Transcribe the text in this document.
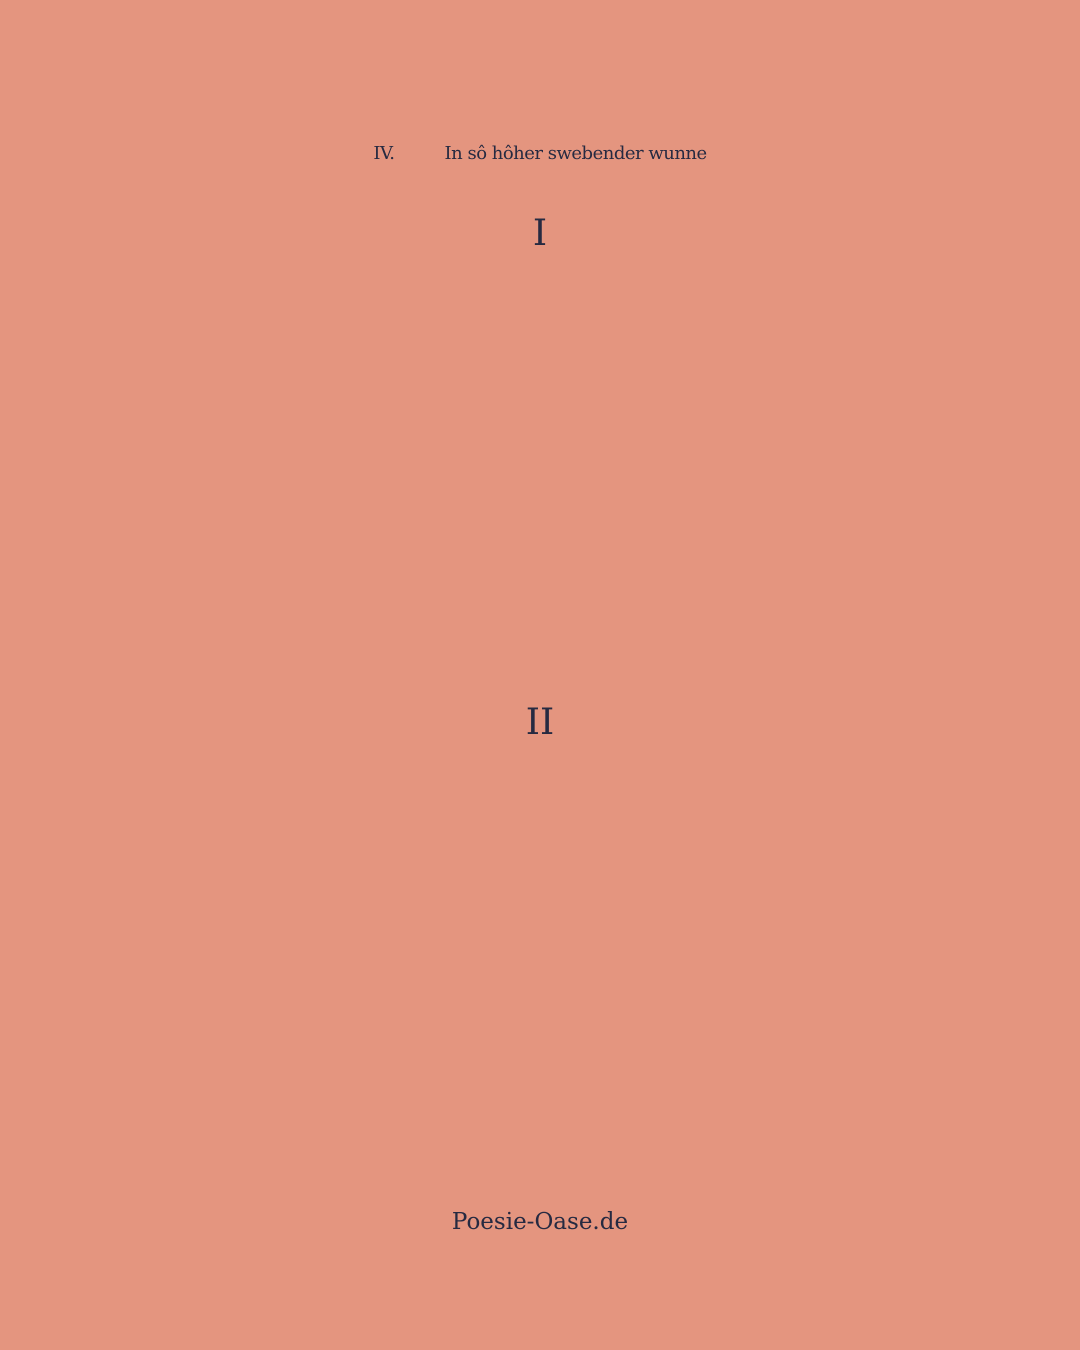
IV.	In sô hôher swebender wunne
I
II
Poesie-Oase.de
